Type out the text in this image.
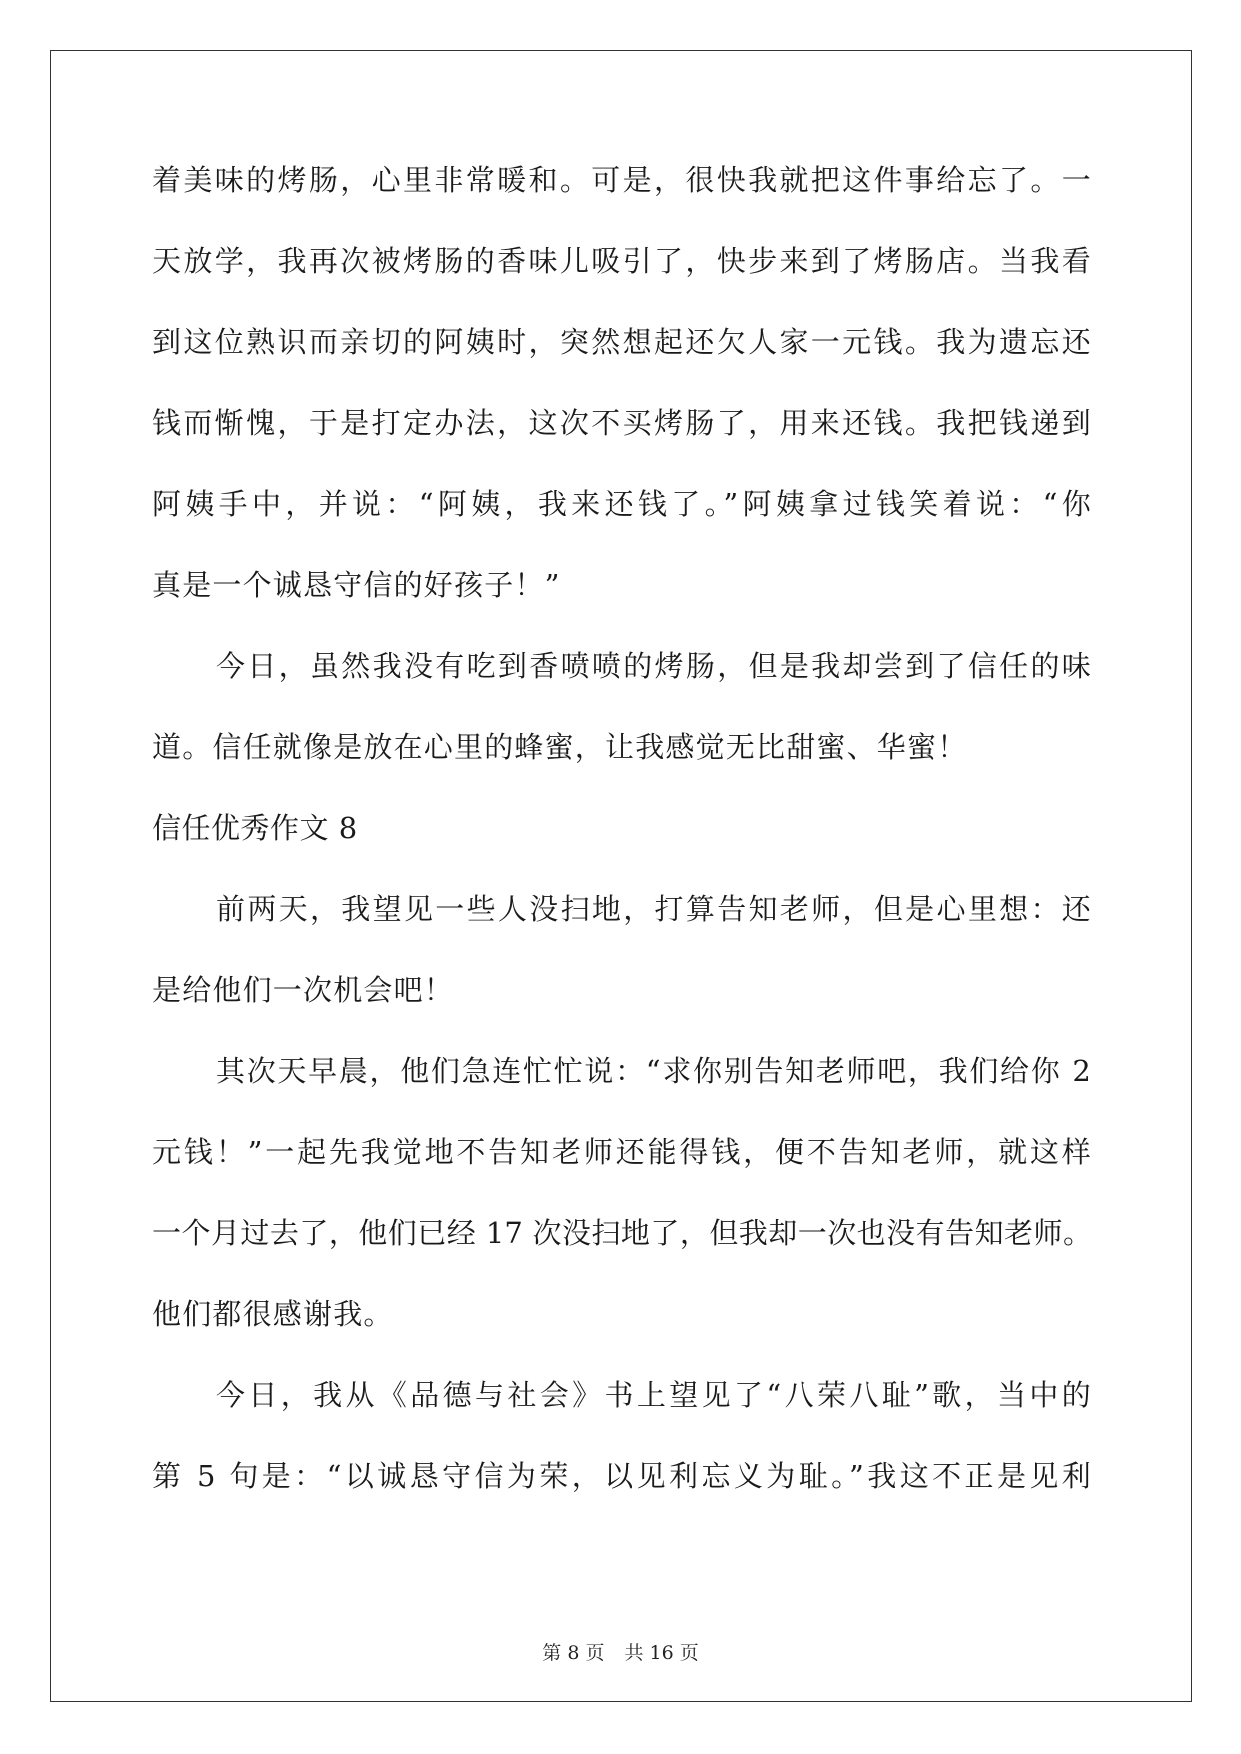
着美味的烤肠，心里非常暖和。可是，很快我就把这件事给忘了。一

天放学，我再次被烤肠的香味儿吸引了，快步来到了烤肠店。当我看

到这位熟识而亲切的阿姨时，突然想起还欠人家一元钱。我为遗忘还

钱而惭愧，于是打定办法，这次不买烤肠了，用来还钱。我把钱递到

阿姨手中，并说：“阿姨，我来还钱了。”阿姨拿过钱笑着说：“你

真是一个诚恳守信的好孩子！”

今日，虽然我没有吃到香喷喷的烤肠，但是我却尝到了信任的味

道。信任就像是放在心里的蜂蜜，让我感觉无比甜蜜、华蜜！

信任优秀作文 8

前两天，我望见一些人没扫地，打算告知老师，但是心里想：还

是给他们一次机会吧！

其次天早晨，他们急连忙忙说：“求你别告知老师吧，我们给你 2

元钱！”一起先我觉地不告知老师还能得钱，便不告知老师，就这样

一个月过去了，他们已经 17 次没扫地了，但我却一次也没有告知老师。

他们都很感谢我。

今日，我从《品德与社会》书上望见了“八荣八耻”歌，当中的

第 5 句是：“以诚恳守信为荣，以见利忘义为耻。”我这不正是见利

第 8 页 共 16 页
